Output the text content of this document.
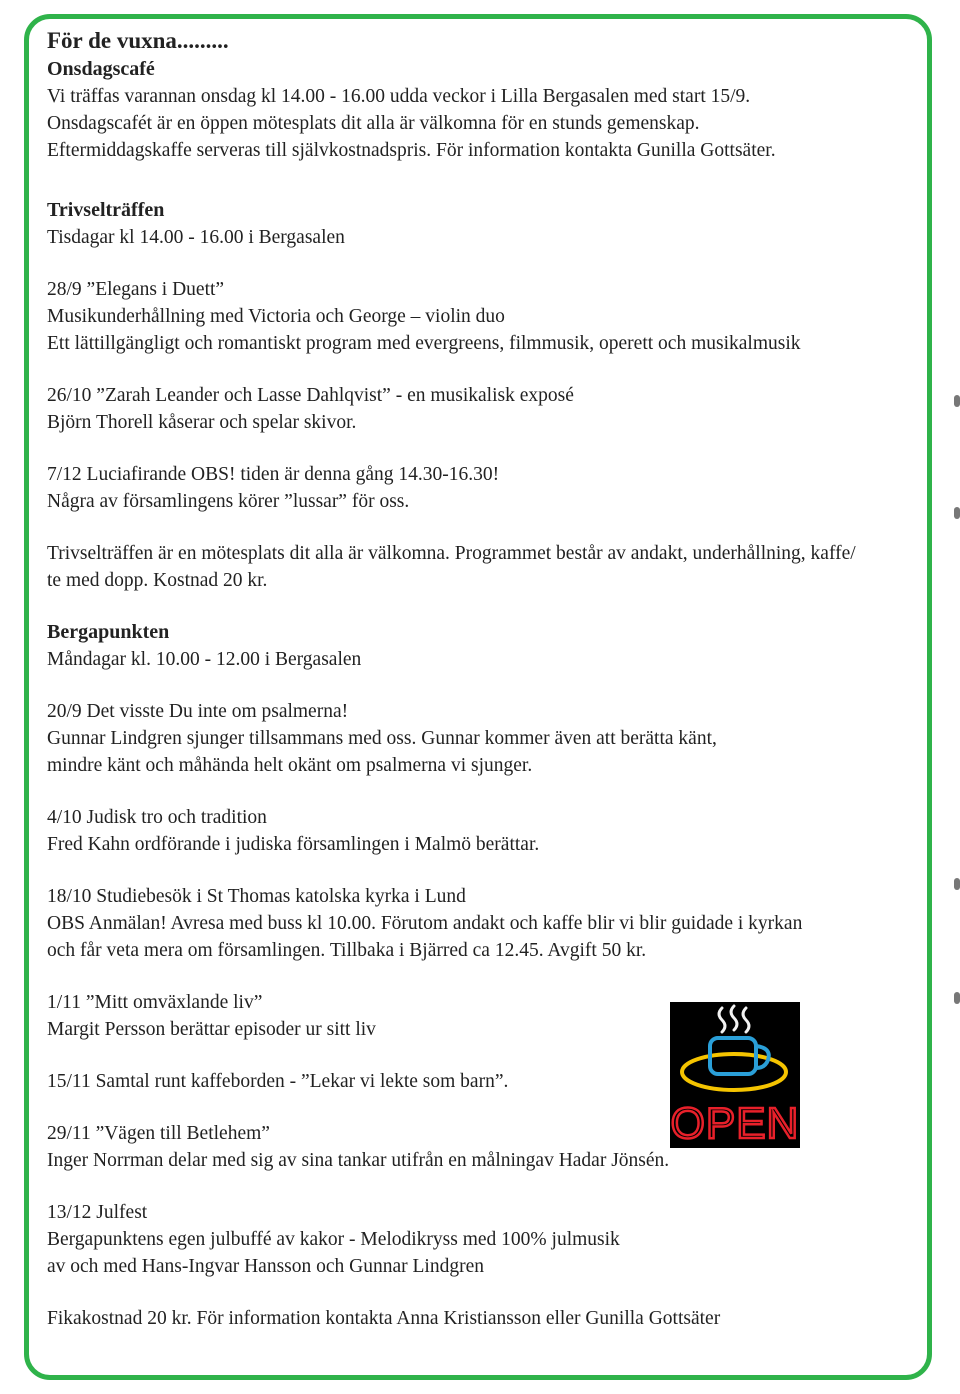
För de vuxna.........

Onsdagscafé

Vi träffas varannan onsdag kl 14.00 - 16.00 udda veckor i Lilla Bergasalen med start 15/9.

Onsdagscafét är en öppen mötesplats dit alla är välkomna för en stunds gemenskap.

Eftermiddagskaffe serveras till självkostnadspris. För information kontakta Gunilla Gottsäter.

Trivselträffen

Tisdagar kl 14.00 - 16.00 i Bergasalen

28/9 ”Elegans i Duett”

Musikunderhållning med Victoria och George – violin duo

Ett lättillgängligt och romantiskt program med evergreens, filmmusik, operett och musikalmusik

26/10 ”Zarah Leander och Lasse Dahlqvist” - en musikalisk exposé

Björn Thorell kåserar och spelar skivor.

7/12 Luciafirande OBS! tiden är denna gång 14.30-16.30!

Några av församlingens körer ”lussar” för oss.

Trivselträffen är en mötesplats dit alla är välkomna. Programmet består av andakt, underhållning, kaffe/

te med dopp. Kostnad 20 kr.

Bergapunkten

Måndagar kl. 10.00 - 12.00 i Bergasalen

20/9 Det visste Du inte om psalmerna!

Gunnar Lindgren sjunger tillsammans med oss. Gunnar kommer även att berätta känt,

mindre känt och måhända helt okänt om psalmerna vi sjunger.

4/10 Judisk tro och tradition

Fred Kahn ordförande i judiska församlingen i Malmö berättar.

18/10 Studiebesök i St Thomas katolska kyrka i Lund

OBS Anmälan! Avresa med buss kl 10.00. Förutom andakt och kaffe blir vi blir guidade i kyrkan

och får veta mera om församlingen. Tillbaka i Bjärred ca 12.45. Avgift 50 kr.

1/11 ”Mitt omväxlande liv”

Margit Persson berättar episoder ur sitt liv

15/11 Samtal runt kaffeborden - ”Lekar vi lekte som barn”.

29/11 ”Vägen till Betlehem”

Inger Norrman delar med sig av sina tankar utifrån en målningav Hadar Jönsén.

13/12 Julfest

Bergapunktens egen julbuffé av kakor - Melodikryss med 100% julmusik

av och med Hans-Ingvar Hansson och Gunnar Lindgren

Fikakostnad 20 kr. För information kontakta Anna Kristiansson eller Gunilla Gottsäter

OPEN
